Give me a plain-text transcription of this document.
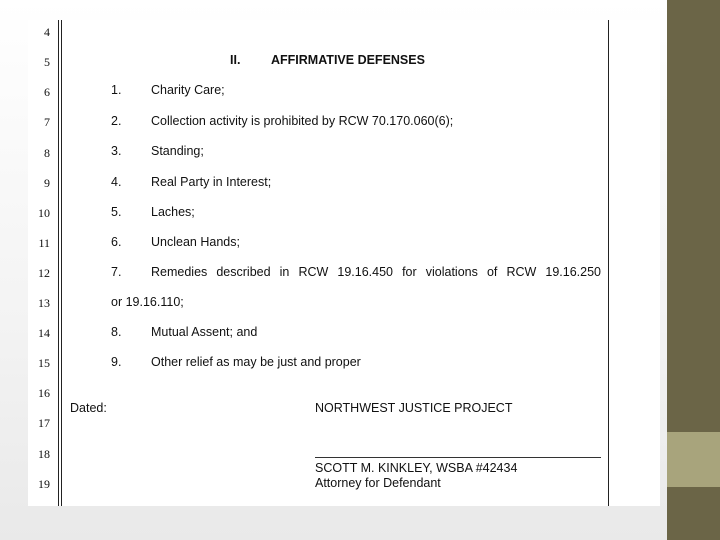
4
5
6
7
8
9
10
11
12
13
14
15
16
17
18
19
II. AFFIRMATIVE DEFENSES
1. Charity Care;
2. Collection activity is prohibited by RCW 70.170.060(6);
3. Standing;
4. Real Party in Interest;
5. Laches;
6. Unclean Hands;
7. Remedies described in RCW 19.16.450 for violations of RCW 19.16.250
or 19.16.110;
8. Mutual Assent; and
9. Other relief as may be just and proper
Dated:	NORTHWEST JUSTICE PROJECT
SCOTT M. KINKLEY, WSBA #42434
Attorney for Defendant
